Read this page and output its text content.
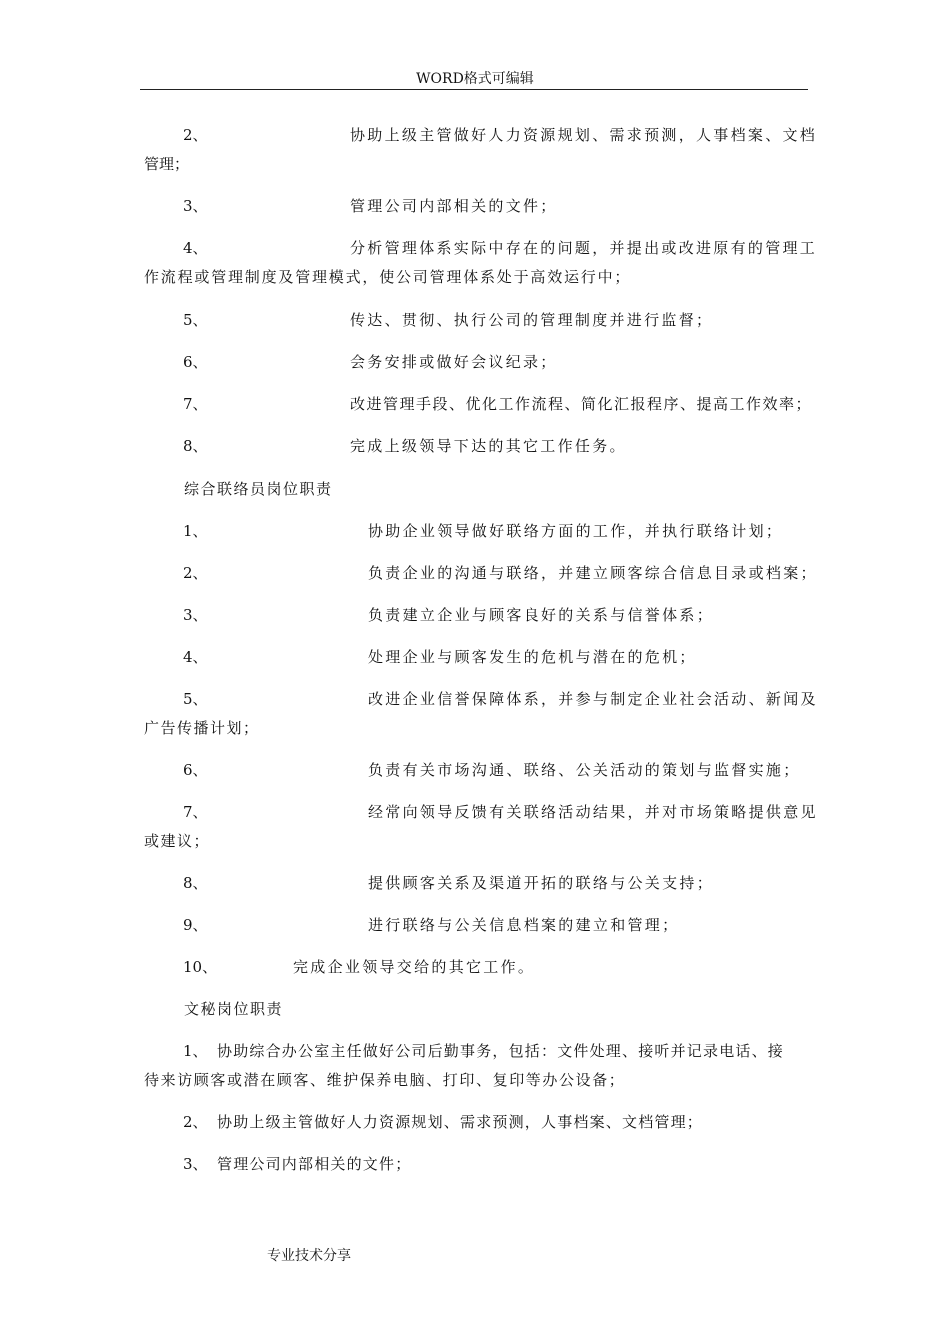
WORD格式可编辑
2、	协助上级主管做好人力资源规划、需求预测，人事档案、文档
管理；
3、	管理公司内部相关的文件；
4、	分析管理体系实际中存在的问题，并提出或改进原有的管理工
作流程或管理制度及管理模式，使公司管理体系处于高效运行中；
5、	传达、贯彻、执行公司的管理制度并进行监督；
6、	会务安排或做好会议纪录；
7、	改进管理手段、优化工作流程、简化汇报程序、提高工作效率；
8、	完成上级领导下达的其它工作任务。
综合联络员岗位职责
1、	协助企业领导做好联络方面的工作，并执行联络计划；
2、	负责企业的沟通与联络，并建立顾客综合信息目录或档案；
3、	负责建立企业与顾客良好的关系与信誉体系；
4、	处理企业与顾客发生的危机与潜在的危机；
5、	改进企业信誉保障体系，并参与制定企业社会活动、新闻及
广告传播计划；
6、	负责有关市场沟通、联络、公关活动的策划与监督实施；
7、	经常向领导反馈有关联络活动结果，并对市场策略提供意见
或建议；
8、	提供顾客关系及渠道开拓的联络与公关支持；
9、	进行联络与公关信息档案的建立和管理；
10、	完成企业领导交给的其它工作。
文秘岗位职责
1、 协助综合办公室主任做好公司后勤事务，包括：文件处理、接听并记录电话、接
待来访顾客或潜在顾客、维护保养电脑、打印、复印等办公设备；
2、 协助上级主管做好人力资源规划、需求预测，人事档案、文档管理；
3、 管理公司内部相关的文件；
专业技术分享
